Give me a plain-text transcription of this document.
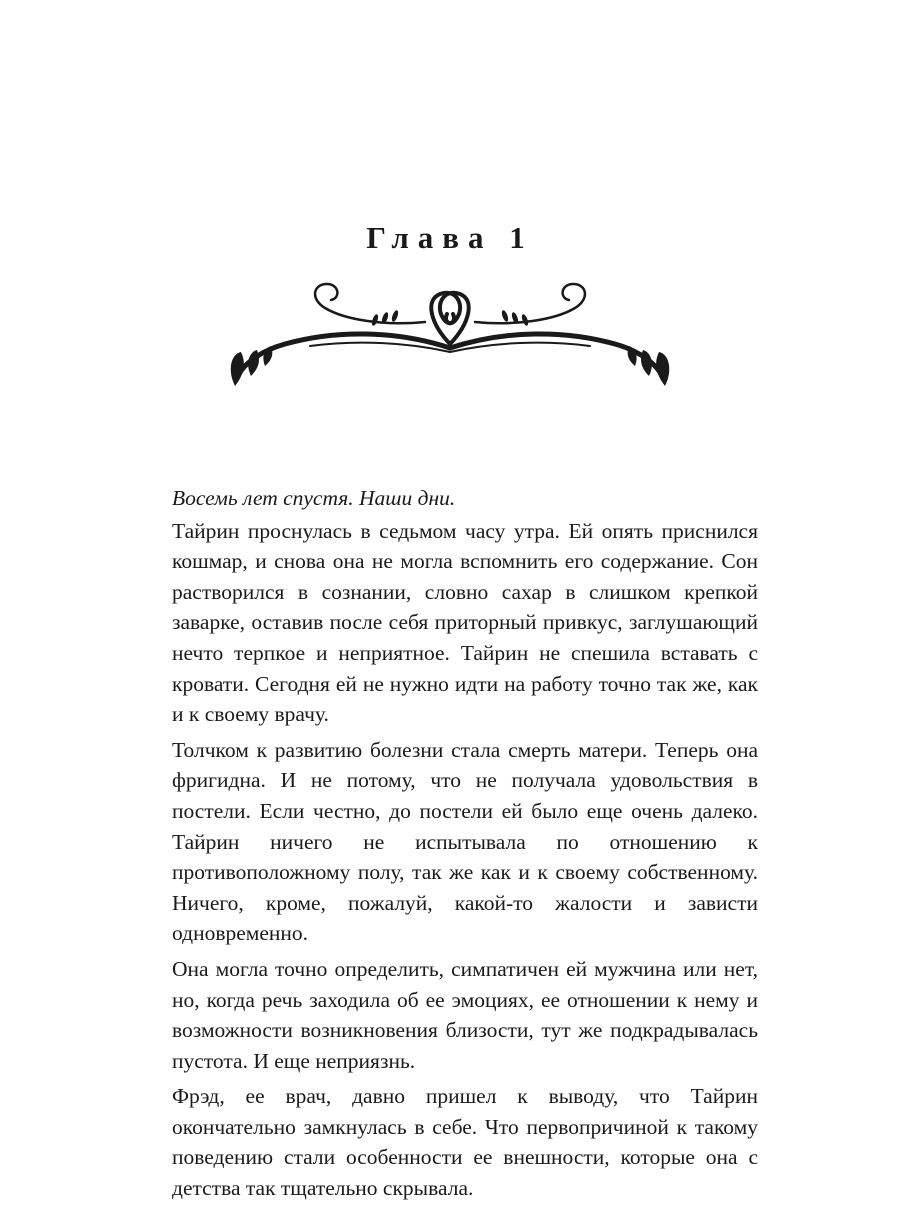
Глава 1

Восемь лет спустя. Наши дни.

Тайрин проснулась в седьмом часу утра. Ей опять приснился кошмар, и снова она не могла вспомнить его содержание. Сон растворился в сознании, словно сахар в слишком крепкой заварке, оставив после себя приторный привкус, заглушающий нечто терпкое и неприятное. Тайрин не спешила вставать с кровати. Сегодня ей не нужно идти на работу точно так же, как и к своему врачу.

Толчком к развитию болезни стала смерть матери. Теперь она фригидна. И не потому, что не получала удовольствия в постели. Если честно, до постели ей было еще очень далеко. Тайрин ничего не испытывала по отношению к противоположному полу, так же как и к своему собственному. Ничего, кроме, пожалуй, какой-то жалости и зависти одновременно.

Она могла точно определить, симпатичен ей мужчина или нет, но, когда речь заходила об ее эмоциях, ее отношении к нему и возможности возникновения близости, тут же подкрадывалась пустота. И еще неприязнь.

Фрэд, ее врач, давно пришел к выводу, что Тайрин окончательно замкнулась в себе. Что первопричиной к такому поведению стали особенности ее внешности, которые она с детства так тщательно скрывала.
